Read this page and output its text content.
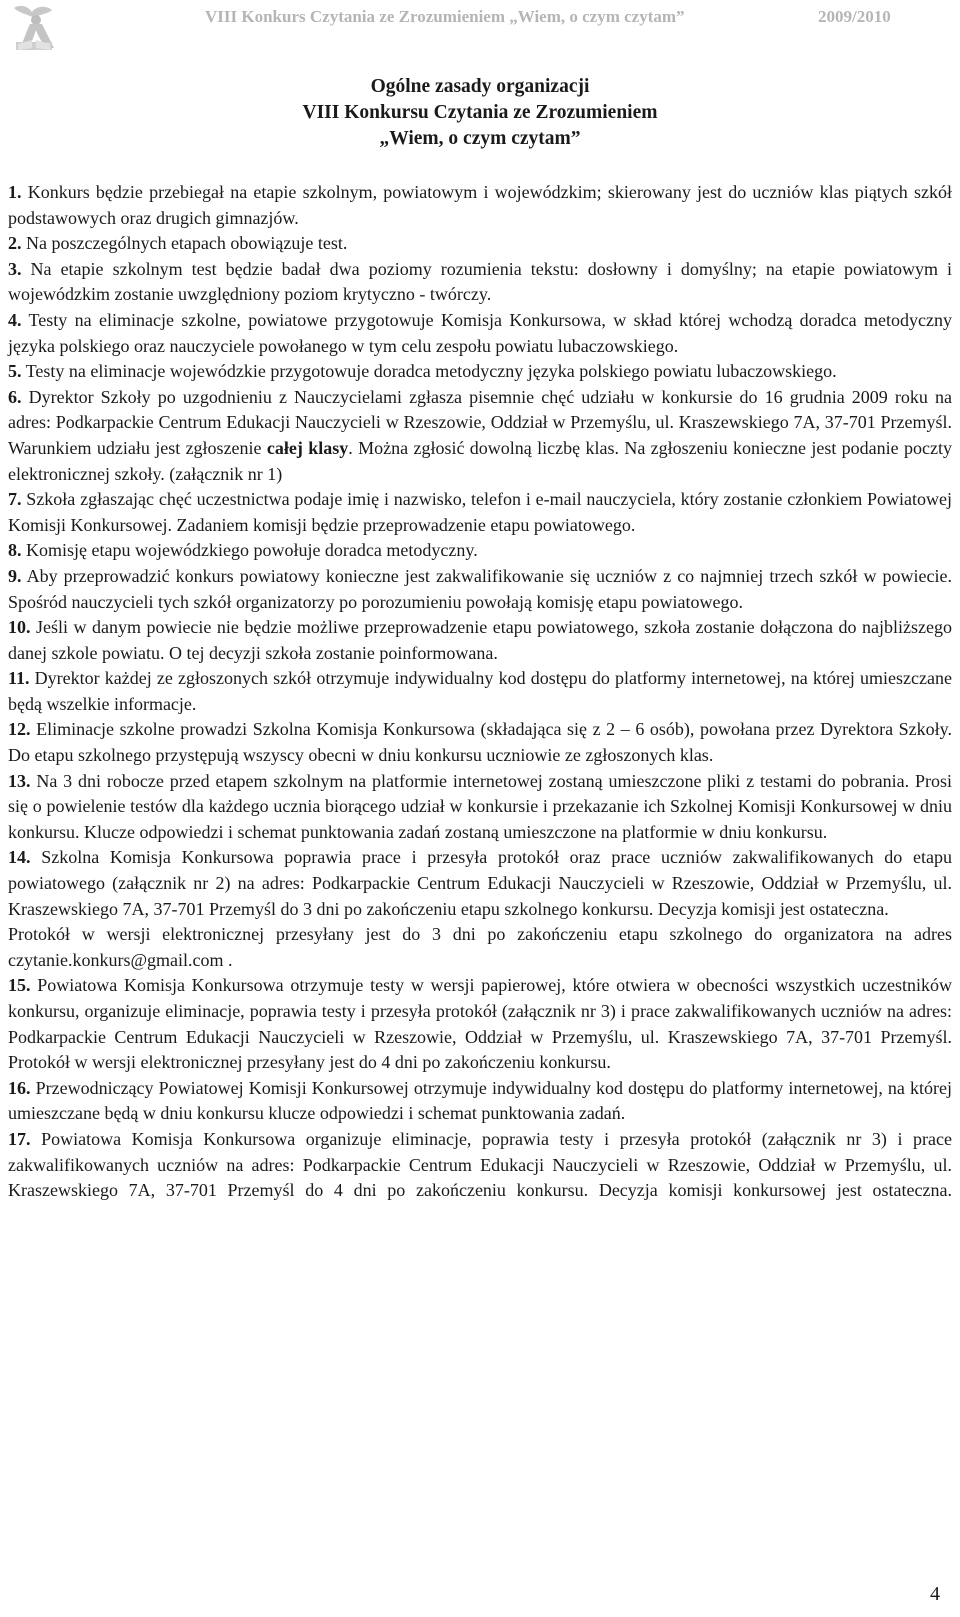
VIII Konkurs Czytania ze Zrozumieniem „Wiem, o czym czytam”	2009/2010
Ogólne zasady organizacji
VIII Konkursu Czytania ze Zrozumieniem
„Wiem, o czym czytam”

1. Konkurs będzie przebiegał na etapie szkolnym, powiatowym i wojewódzkim; skierowany jest do uczniów klas piątych szkół podstawowych oraz drugich gimnazjów.

2. Na poszczególnych etapach obowiązuje test.

3. Na etapie szkolnym test będzie badał dwa poziomy rozumienia tekstu: dosłowny i domyślny; na etapie powiatowym i wojewódzkim zostanie uwzględniony poziom krytyczno - twórczy.

4. Testy na eliminacje szkolne, powiatowe przygotowuje Komisja Konkursowa, w skład której wchodzą doradca metodyczny języka polskiego oraz nauczyciele powołanego w tym celu zespołu powiatu lubaczowskiego.

5. Testy na eliminacje wojewódzkie przygotowuje doradca metodyczny języka polskiego powiatu lubaczowskiego.

6. Dyrektor Szkoły po uzgodnieniu z Nauczycielami zgłasza pisemnie chęć udziału w konkursie do 16 grudnia 2009 roku na adres: Podkarpackie Centrum Edukacji Nauczycieli w Rzeszowie, Oddział w Przemyślu, ul. Kraszewskiego 7A, 37-701 Przemyśl. Warunkiem udziału jest zgłoszenie całej klasy. Można zgłosić dowolną liczbę klas. Na zgłoszeniu konieczne jest podanie poczty elektronicznej szkoły. (załącznik nr 1)

7. Szkoła zgłaszając chęć uczestnictwa podaje imię i nazwisko, telefon i e-mail nauczyciela, który zostanie członkiem Powiatowej Komisji Konkursowej. Zadaniem komisji będzie przeprowadzenie etapu powiatowego.

8. Komisję etapu wojewódzkiego powołuje doradca metodyczny.

9. Aby przeprowadzić konkurs powiatowy konieczne jest zakwalifikowanie się uczniów z co najmniej trzech szkół w powiecie. Spośród nauczycieli tych szkół organizatorzy po porozumieniu powołają komisję etapu powiatowego.

10. Jeśli w danym powiecie nie będzie możliwe przeprowadzenie etapu powiatowego, szkoła zostanie dołączona do najbliższego danej szkole powiatu. O tej decyzji szkoła zostanie poinformowana.

11. Dyrektor każdej ze zgłoszonych szkół otrzymuje indywidualny kod dostępu do platformy internetowej, na której umieszczane będą wszelkie informacje.

12. Eliminacje szkolne prowadzi Szkolna Komisja Konkursowa (składająca się z 2 – 6 osób), powołana przez Dyrektora Szkoły. Do etapu szkolnego przystępują wszyscy obecni w dniu konkursu uczniowie ze zgłoszonych klas.

13. Na 3 dni robocze przed etapem szkolnym na platformie internetowej zostaną umieszczone pliki z testami do pobrania. Prosi się o powielenie testów dla każdego ucznia biorącego udział w konkursie i przekazanie ich Szkolnej Komisji Konkursowej w dniu konkursu. Klucze odpowiedzi i schemat punktowania zadań zostaną umieszczone na platformie w dniu konkursu.

14. Szkolna Komisja Konkursowa poprawia prace i przesyła protokół oraz prace uczniów zakwalifikowanych do etapu powiatowego (załącznik nr 2) na adres: Podkarpackie Centrum Edukacji Nauczycieli w Rzeszowie, Oddział w Przemyślu, ul. Kraszewskiego 7A, 37-701 Przemyśl do 3 dni po zakończeniu etapu szkolnego konkursu. Decyzja komisji jest ostateczna.

Protokół w wersji elektronicznej przesyłany jest do 3 dni po zakończeniu etapu szkolnego do organizatora na adres czytanie.konkurs@gmail.com .

15. Powiatowa Komisja Konkursowa otrzymuje testy w wersji papierowej, które otwiera w obecności wszystkich uczestników konkursu, organizuje eliminacje, poprawia testy i przesyła protokół (załącznik nr 3) i prace zakwalifikowanych uczniów na adres: Podkarpackie Centrum Edukacji Nauczycieli w Rzeszowie, Oddział w Przemyślu, ul. Kraszewskiego 7A, 37-701 Przemyśl. Protokół w wersji elektronicznej przesyłany jest do 4 dni po zakończeniu konkursu.

16. Przewodniczący Powiatowej Komisji Konkursowej otrzymuje indywidualny kod dostępu do platformy internetowej, na której umieszczane będą w dniu konkursu klucze odpowiedzi i schemat punktowania zadań.

17. Powiatowa Komisja Konkursowa organizuje eliminacje, poprawia testy i przesyła protokół (załącznik nr 3) i prace zakwalifikowanych uczniów na adres: Podkarpackie Centrum Edukacji Nauczycieli w Rzeszowie, Oddział w Przemyślu, ul. Kraszewskiego 7A, 37-701 Przemyśl do 4 dni po zakończeniu konkursu. Decyzja komisji konkursowej jest ostateczna.

4
